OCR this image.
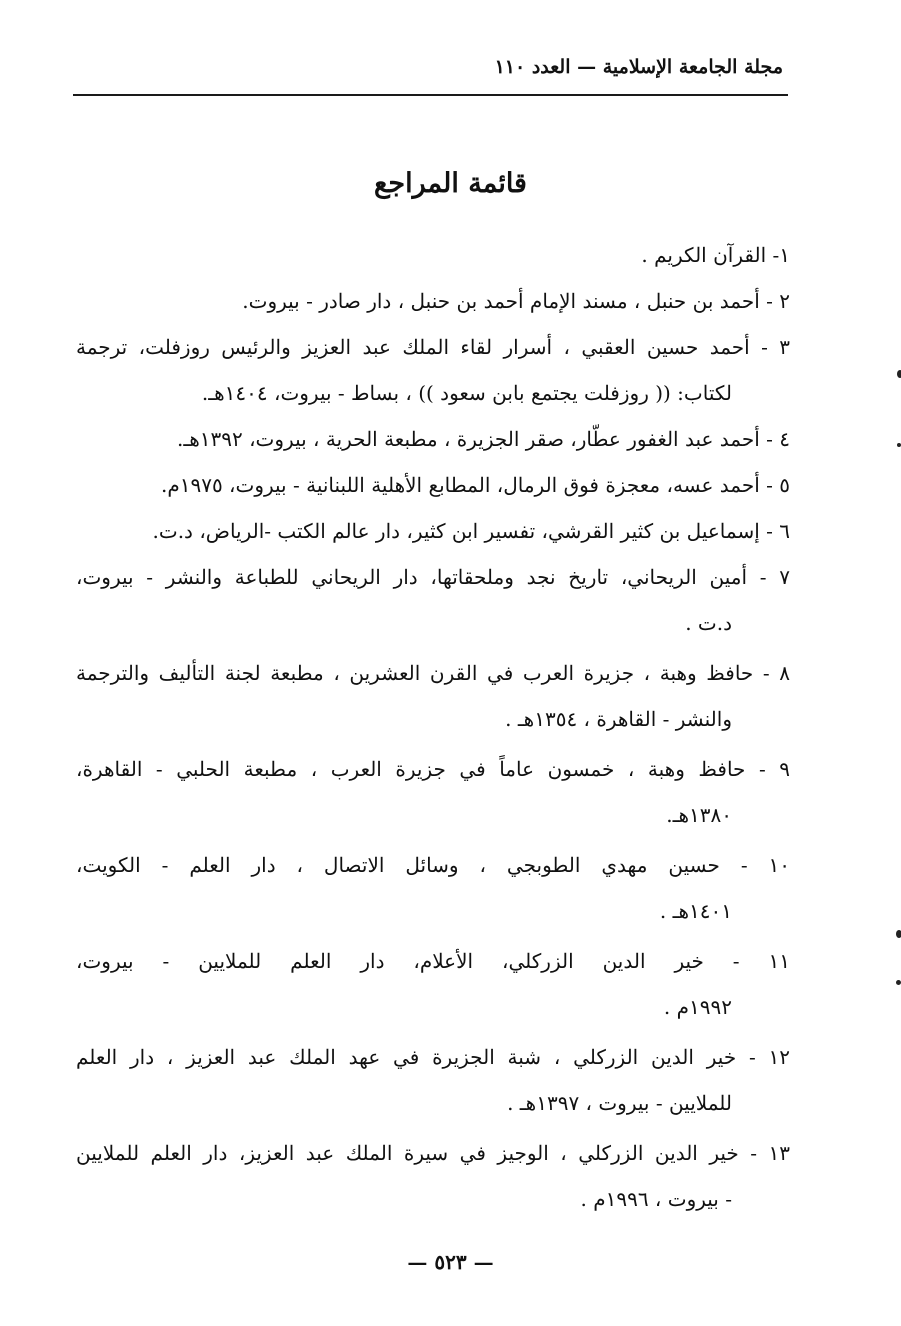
مجلة الجامعة الإسلامية — العدد ١١٠
قائمة المراجع
١- القرآن الكريم .
٢ - أحمد بن حنبل ، مسند الإمام أحمد بن حنبل ، دار صادر - بيروت.
٣ - أحمد حسين العقبي ، أسرار لقاء الملك عبد العزيز والرئيس روزفلت، ترجمة
لكتاب: (( روزفلت يجتمع بابن سعود )) ، بساط - بيروت، ١٤٠٤هـ.
٤ - أحمد عبد الغفور عطّار، صقر الجزيرة ، مطبعة الحرية ، بيروت، ١٣٩٢هـ.
٥ - أحمد عسه، معجزة فوق الرمال، المطابع الأهلية اللبنانية - بيروت، ١٩٧٥م.
٦ - إسماعيل بن كثير القرشي، تفسير ابن كثير، دار عالم الكتب -الرياض، د.ت.
٧ - أمين الريحاني، تاريخ نجد وملحقاتها، دار الريحاني للطباعة والنشر - بيروت،
د.ت .
٨ - حافظ وهبة ، جزيرة العرب في القرن العشرين ، مطبعة لجنة التأليف والترجمة
والنشر - القاهرة ، ١٣٥٤هـ .
٩ - حافظ وهبة ، خمسون عاماً في جزيرة العرب ، مطبعة الحلبي - القاهرة،
١٣٨٠هـ.
١٠ - حسين مهدي الطوبجي ، وسائل الاتصال ، دار العلم - الكويت،
١٤٠١هـ .
١١ - خير الدين الزركلي، الأعلام، دار العلم للملايين - بيروت،
١٩٩٢م .
١٢ - خير الدين الزركلي ، شبة الجزيرة في عهد الملك عبد العزيز ، دار العلم
للملايين - بيروت ، ١٣٩٧هـ .
١٣ - خير الدين الزركلي ، الوجيز في سيرة الملك عبد العزيز، دار العلم للملايين
- بيروت ، ١٩٩٦م .
— ٥٢٣ —
